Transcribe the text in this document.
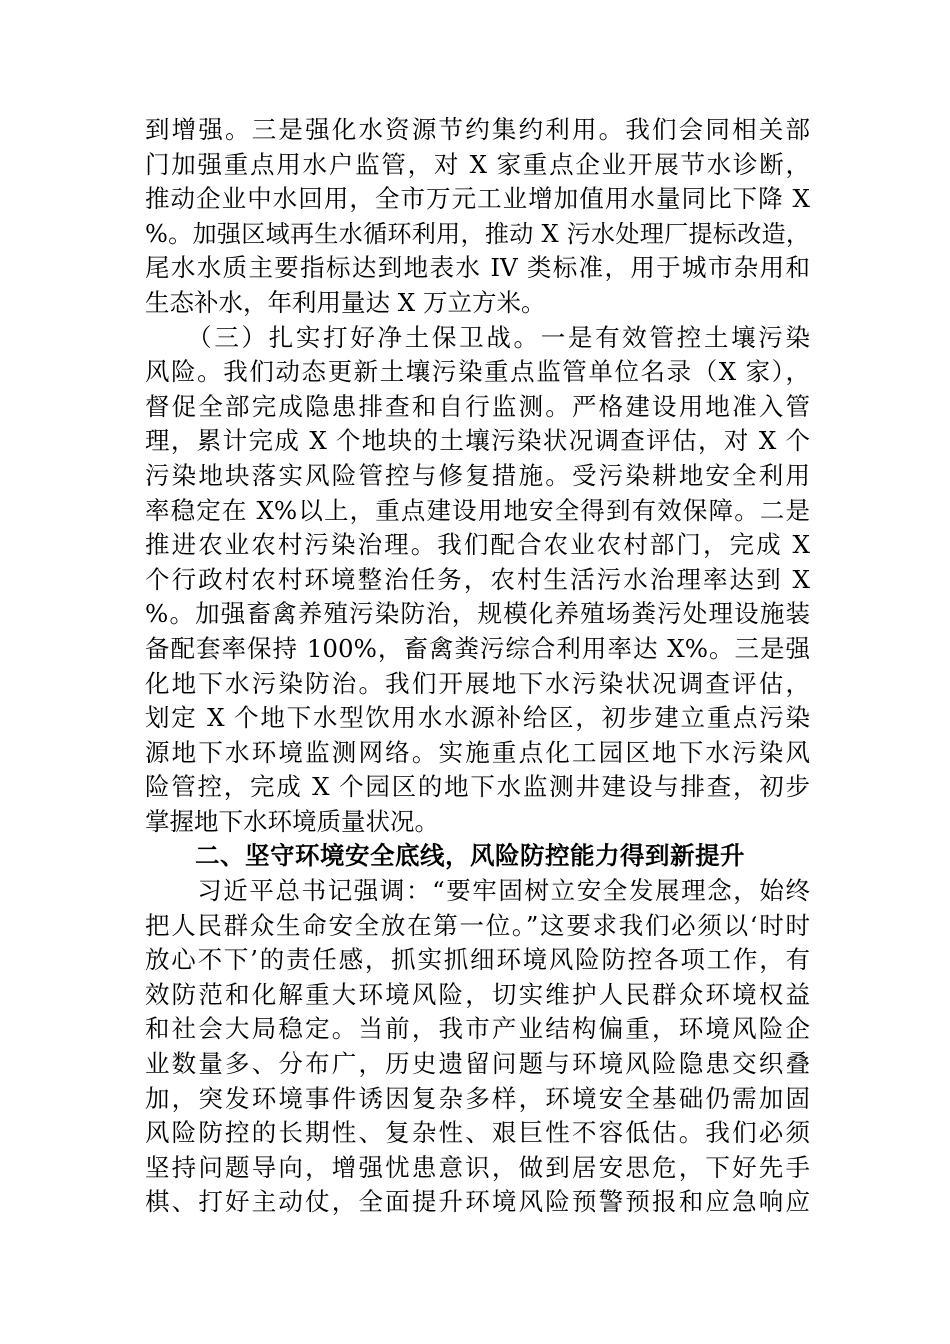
到增强。三是强化水资源节约集约利用。我们会同相关部
门加强重点用水户监管，对 X 家重点企业开展节水诊断，
推动企业中水回用，全市万元工业增加值用水量同比下降 X
%。加强区域再生水循环利用，推动 X 污水处理厂提标改造，
尾水水质主要指标达到地表水 IV 类标准，用于城市杂用和
生态补水，年利用量达 X 万立方米。
　　（三）扎实打好净土保卫战。一是有效管控土壤污染
风险。我们动态更新土壤污染重点监管单位名录（X 家），
督促全部完成隐患排查和自行监测。严格建设用地准入管
理，累计完成 X 个地块的土壤污染状况调查评估，对 X 个
污染地块落实风险管控与修复措施。受污染耕地安全利用
率稳定在 X%以上，重点建设用地安全得到有效保障。二是
推进农业农村污染治理。我们配合农业农村部门，完成 X
个行政村农村环境整治任务，农村生活污水治理率达到 X
%。加强畜禽养殖污染防治，规模化养殖场粪污处理设施装
备配套率保持 100%，畜禽粪污综合利用率达 X%。三是强
化地下水污染防治。我们开展地下水污染状况调查评估，
划定 X 个地下水型饮用水水源补给区，初步建立重点污染
源地下水环境监测网络。实施重点化工园区地下水污染风
险管控，完成 X 个园区的地下水监测井建设与排查，初步
掌握地下水环境质量状况。
　　二、坚守环境安全底线，风险防控能力得到新提升
　　习近平总书记强调：“要牢固树立安全发展理念，始终
把人民群众生命安全放在第一位。”这要求我们必须以‘时时
放心不下’的责任感，抓实抓细环境风险防控各项工作，有
效防范和化解重大环境风险，切实维护人民群众环境权益
和社会大局稳定。当前，我市产业结构偏重，环境风险企
业数量多、分布广，历史遗留问题与环境风险隐患交织叠
加，突发环境事件诱因复杂多样，环境安全基础仍需加固
风险防控的长期性、复杂性、艰巨性不容低估。我们必须
坚持问题导向，增强忧患意识，做到居安思危，下好先手
棋、打好主动仗，全面提升环境风险预警预报和应急响应
